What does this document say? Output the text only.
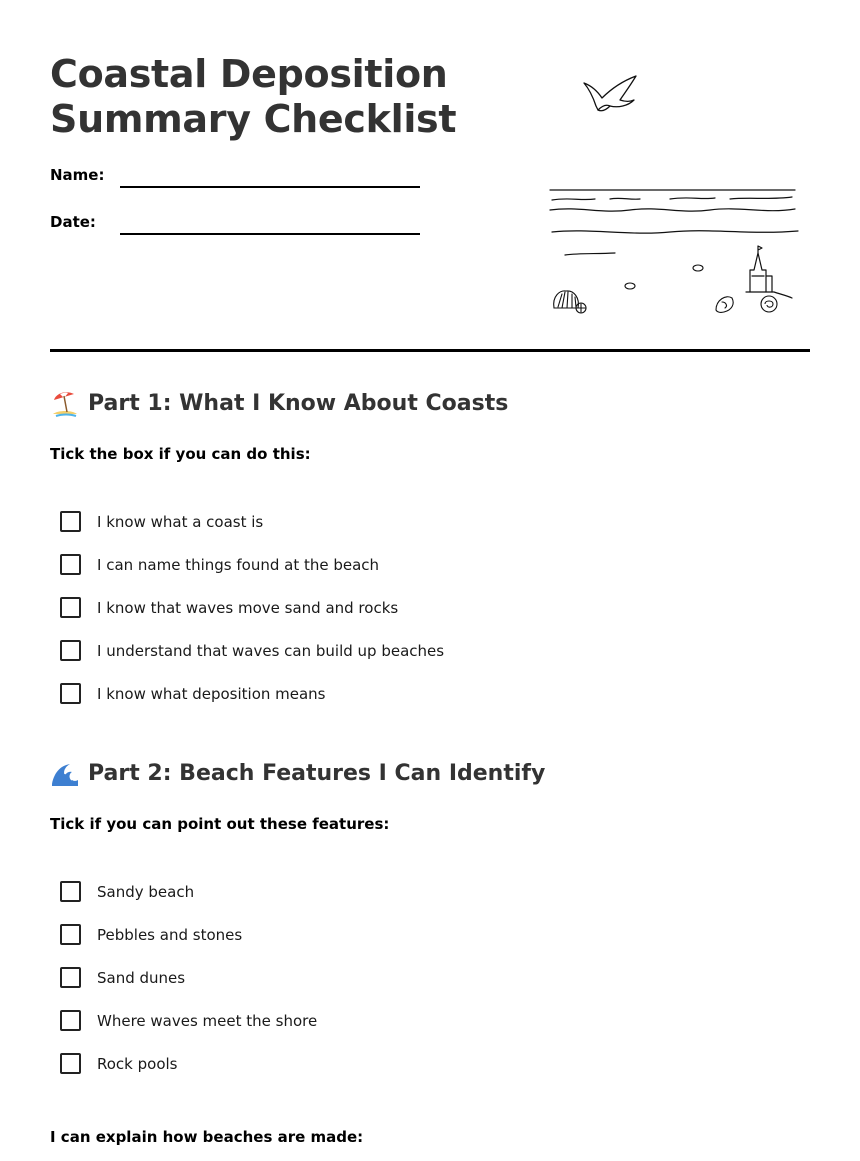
Coastal Deposition
Summary Checklist
Name:
Date:
Part 1: What I Know About Coasts
Tick the box if you can do this:
I know what a coast is
I can name things found at the beach
I know that waves move sand and rocks
I understand that waves can build up beaches
I know what deposition means
Part 2: Beach Features I Can Identify
Tick if you can point out these features:
Sandy beach
Pebbles and stones
Sand dunes
Where waves meet the shore
Rock pools
I can explain how beaches are made:
